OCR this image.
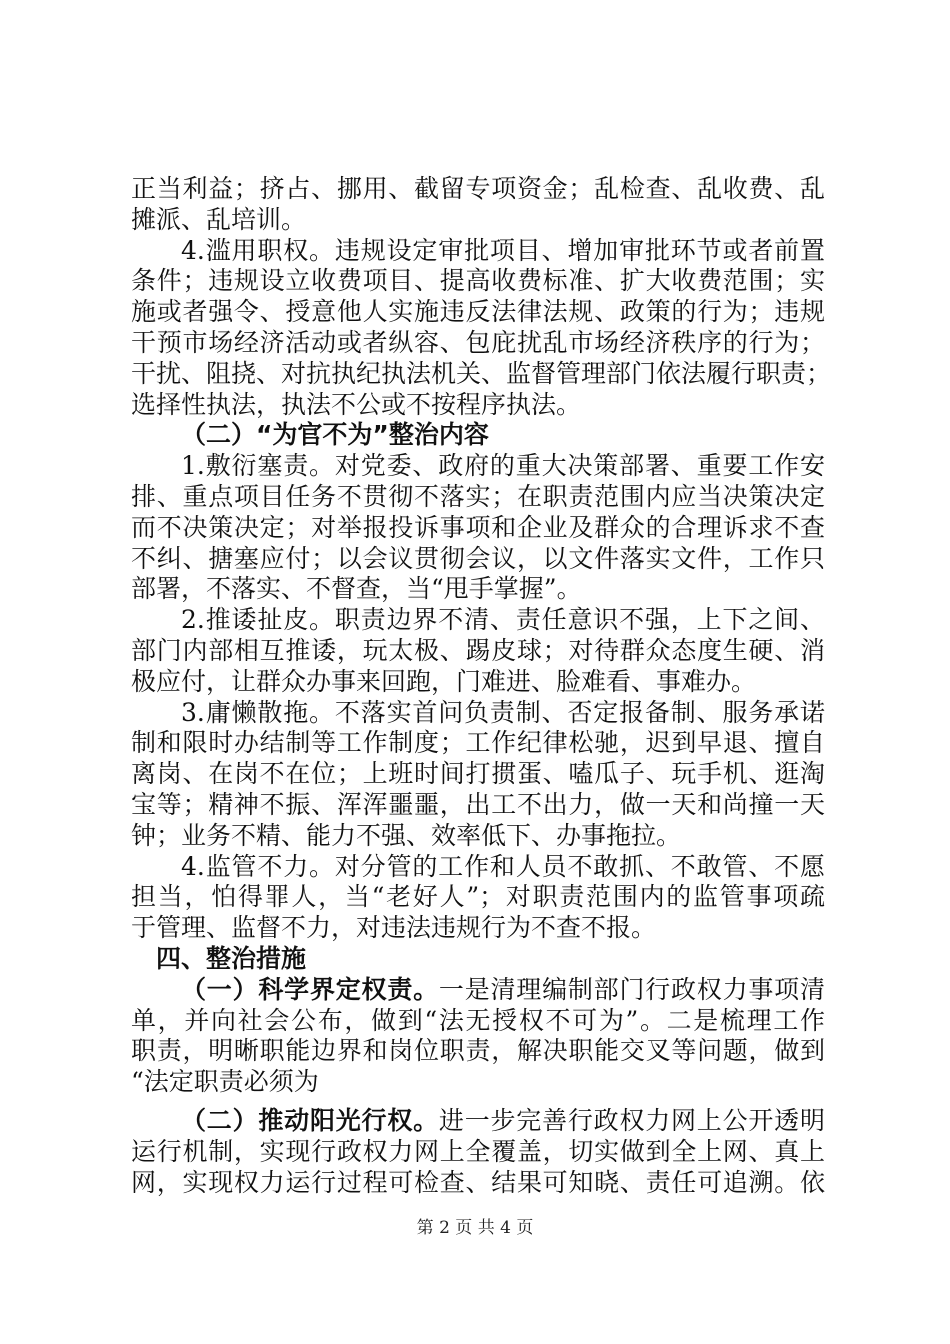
正当利益；挤占、挪用、截留专项资金；乱检查、乱收费、乱
摊派、乱培训。
4.滥用职权。违规设定审批项目、增加审批环节或者前置
条件；违规设立收费项目、提高收费标准、扩大收费范围；实
施或者强令、授意他人实施违反法律法规、政策的行为；违规
干预市场经济活动或者纵容、包庇扰乱市场经济秩序的行为；
干扰、阻挠、对抗执纪执法机关、监督管理部门依法履行职责；
选择性执法，执法不公或不按程序执法。
（二）“为官不为”整治内容
1.敷衍塞责。对党委、政府的重大决策部署、重要工作安
排、重点项目任务不贯彻不落实；在职责范围内应当决策决定
而不决策决定；对举报投诉事项和企业及群众的合理诉求不查
不纠、搪塞应付；以会议贯彻会议，以文件落实文件，工作只
部署，不落实、不督查，当“甩手掌握”。
2.推诿扯皮。职责边界不清、责任意识不强，上下之间、
部门内部相互推诿，玩太极、踢皮球；对待群众态度生硬、消
极应付，让群众办事来回跑，门难进、脸难看、事难办。
3.庸懒散拖。不落实首问负责制、否定报备制、服务承诺
制和限时办结制等工作制度；工作纪律松驰，迟到早退、擅自
离岗、在岗不在位；上班时间打掼蛋、嗑瓜子、玩手机、逛淘
宝等；精神不振、浑浑噩噩，出工不出力，做一天和尚撞一天
钟；业务不精、能力不强、效率低下、办事拖拉。
4.监管不力。对分管的工作和人员不敢抓、不敢管、不愿
担当，怕得罪人，当“老好人”；对职责范围内的监管事项疏
于管理、监督不力，对违法违规行为不查不报。
四、整治措施
（一）科学界定权责。一是清理编制部门行政权力事项清
单，并向社会公布，做到“法无授权不可为”。二是梳理工作
职责，明晰职能边界和岗位职责，解决职能交叉等问题，做到
“法定职责必须为
（二）推动阳光行权。进一步完善行政权力网上公开透明
运行机制，实现行政权力网上全覆盖，切实做到全上网、真上
网，实现权力运行过程可检查、结果可知晓、责任可追溯。依
第 2 页 共 4 页
